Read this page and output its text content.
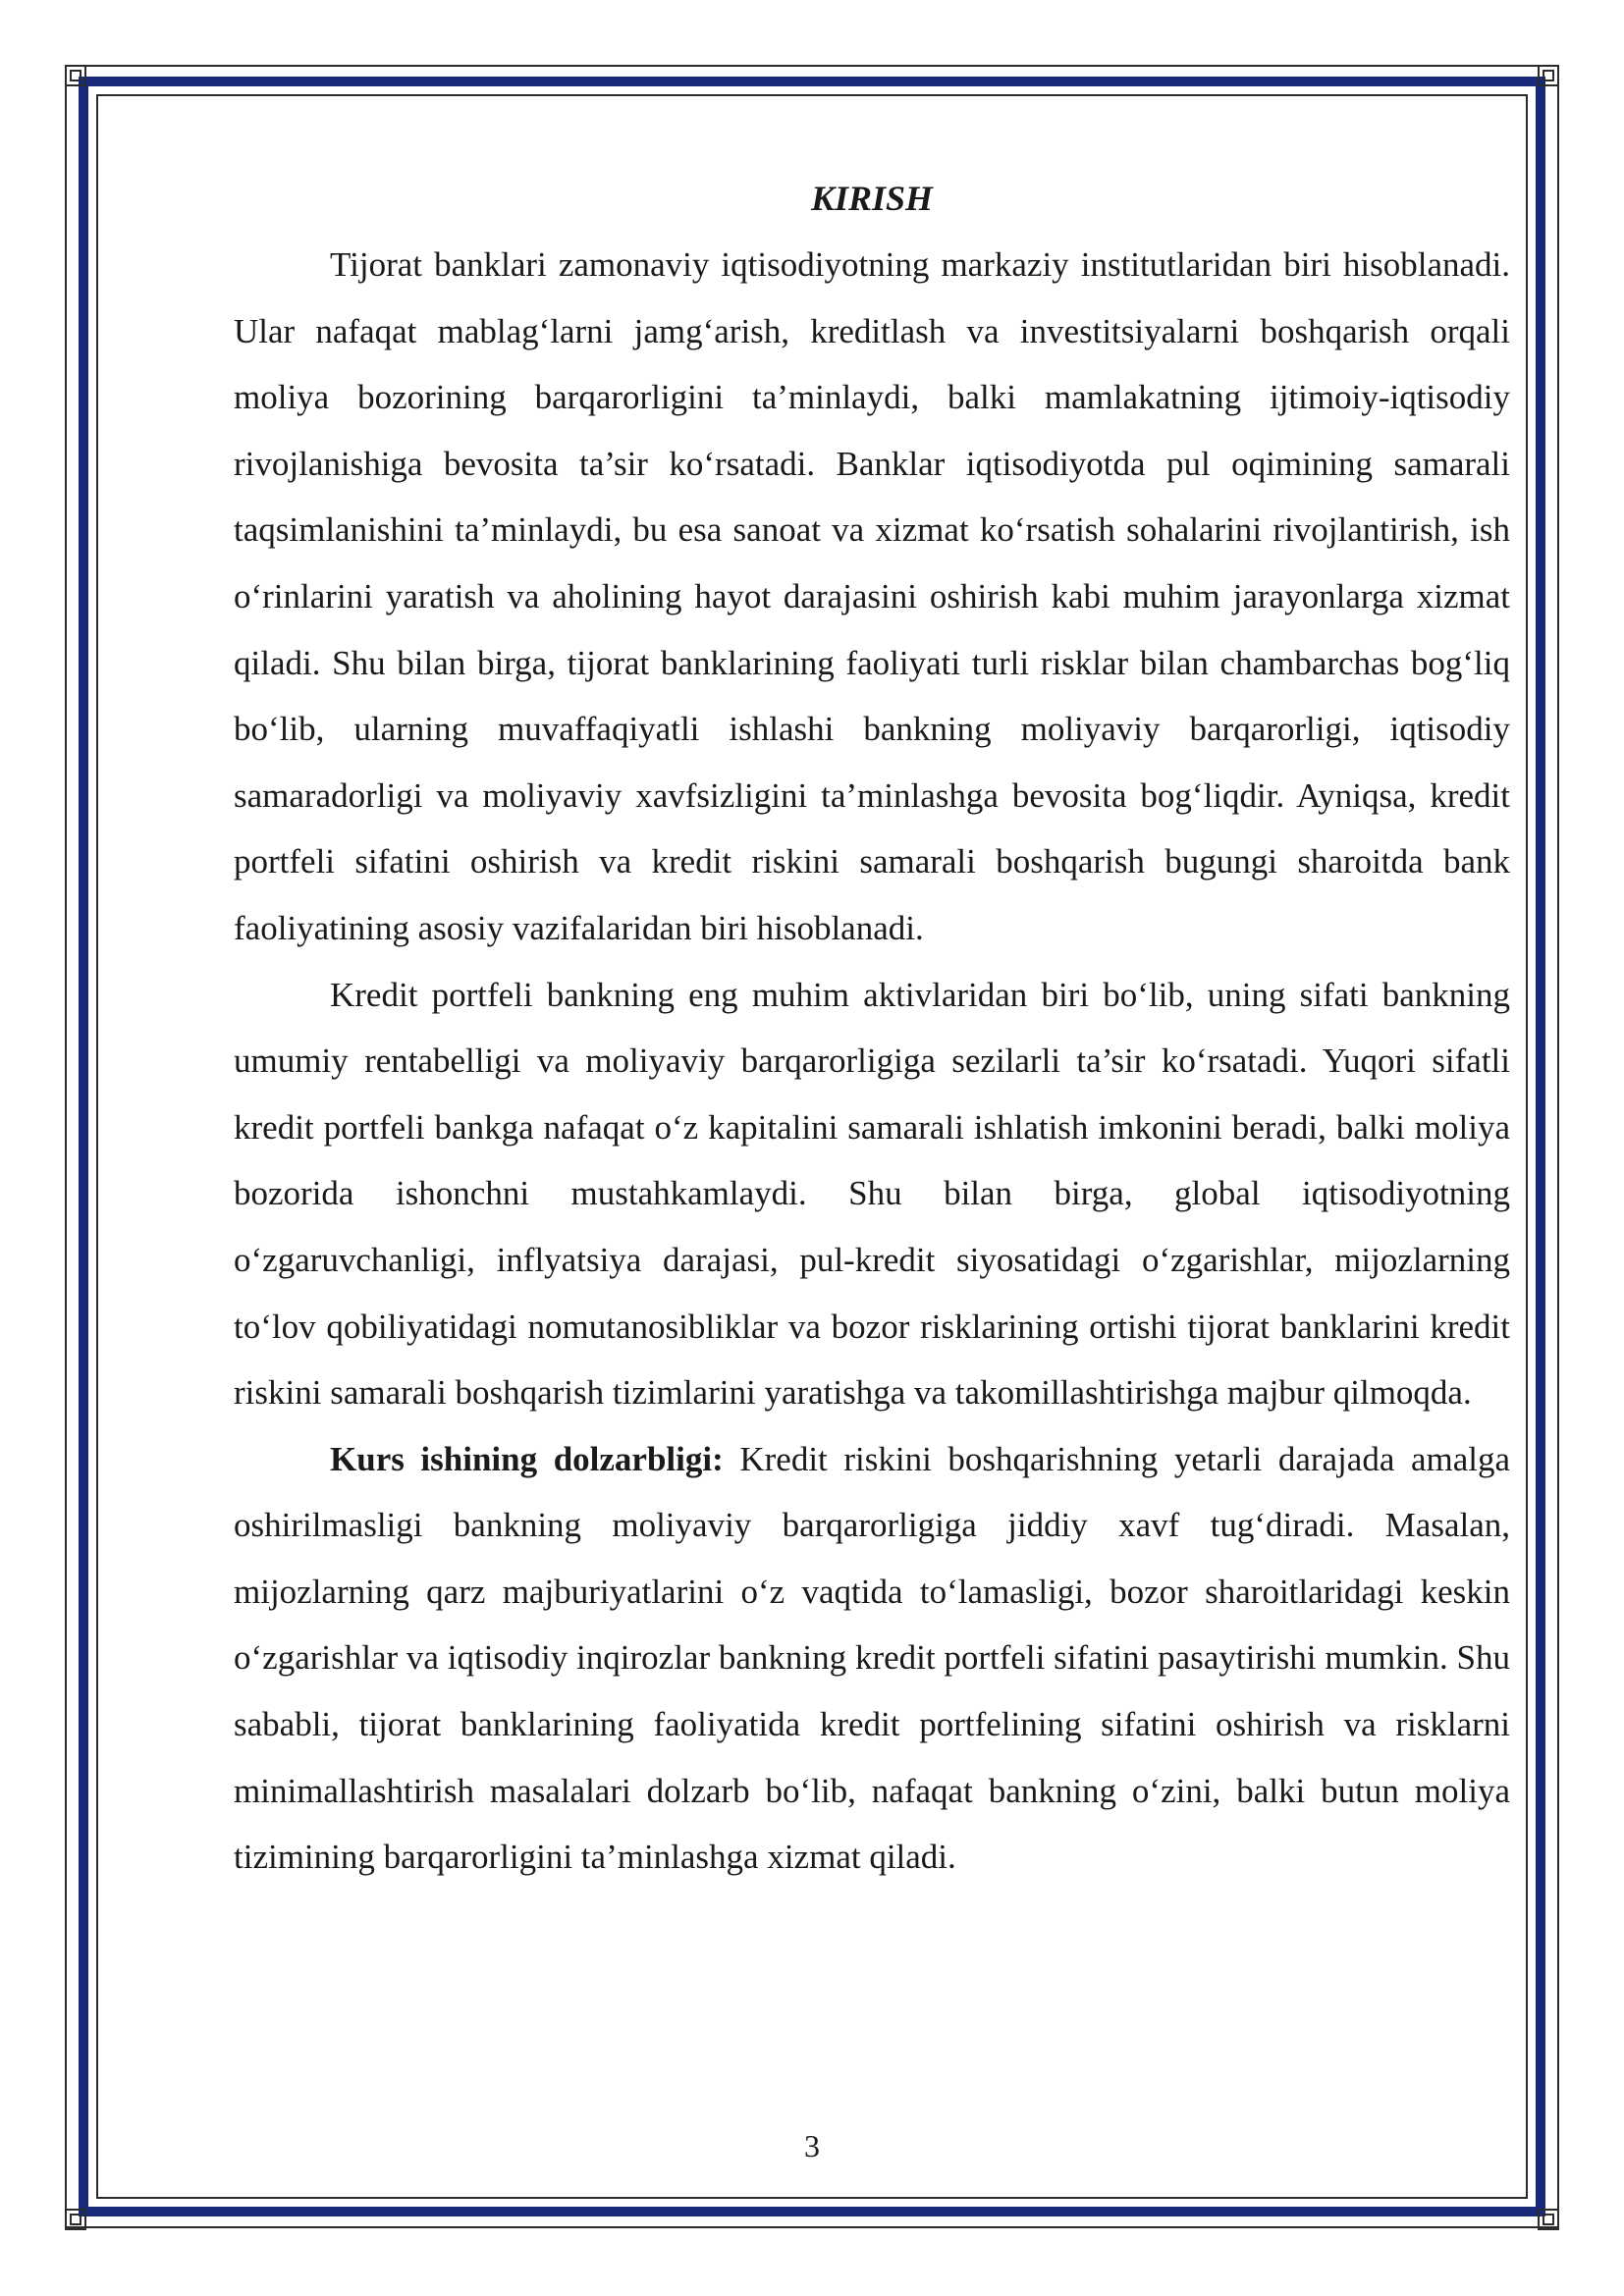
KIRISH

Tijorat banklari zamonaviy iqtisodiyotning markaziy institutlaridan biri hisoblanadi. Ular nafaqat mablag‘larni jamg‘arish, kreditlash va investitsiyalarni boshqarish orqali moliya bozorining barqarorligini ta’minlaydi, balki mamlakatning ijtimoiy-iqtisodiy rivojlanishiga bevosita ta’sir ko‘rsatadi. Banklar iqtisodiyotda pul oqimining samarali taqsimlanishini ta’minlaydi, bu esa sanoat va xizmat ko‘rsatish sohalarini rivojlantirish, ish o‘rinlarini yaratish va aholining hayot darajasini oshirish kabi muhim jarayonlarga xizmat qiladi. Shu bilan birga, tijorat banklarining faoliyati turli risklar bilan chambarchas bog‘liq bo‘lib, ularning muvaffaqiyatli ishlashi bankning moliyaviy barqarorligi, iqtisodiy samaradorligi va moliyaviy xavfsizligini ta’minlashga bevosita bog‘liqdir. Ayniqsa, kredit portfeli sifatini oshirish va kredit riskini samarali boshqarish bugungi sharoitda bank faoliyatining asosiy vazifalaridan biri hisoblanadi.

Kredit portfeli bankning eng muhim aktivlaridan biri bo‘lib, uning sifati bankning umumiy rentabelligi va moliyaviy barqarorligiga sezilarli ta’sir ko‘rsatadi. Yuqori sifatli kredit portfeli bankga nafaqat o‘z kapitalini samarali ishlatish imkonini beradi, balki moliya bozorida ishonchni mustahkamlaydi. Shu bilan birga, global iqtisodiyotning o‘zgaruvchanligi, inflyatsiya darajasi, pul-kredit siyosatidagi o‘zgarishlar, mijozlarning to‘lov qobiliyatidagi nomutanosibliklar va bozor risklarining ortishi tijorat banklarini kredit riskini samarali boshqarish tizimlarini yaratishga va takomillashtirishga majbur qilmoqda.

Kurs ishining dolzarbligi: Kredit riskini boshqarishning yetarli darajada amalga oshirilmasligi bankning moliyaviy barqarorligiga jiddiy xavf tug‘diradi. Masalan, mijozlarning qarz majburiyatlarini o‘z vaqtida to‘lamasligi, bozor sharoitlaridagi keskin o‘zgarishlar va iqtisodiy inqirozlar bankning kredit portfeli sifatini pasaytirishi mumkin. Shu sababli, tijorat banklarining faoliyatida kredit portfelining sifatini oshirish va risklarni minimallashtirish masalalari dolzarb bo‘lib, nafaqat bankning o‘zini, balki butun moliya tizimining barqarorligini ta’minlashga xizmat qiladi.

3
